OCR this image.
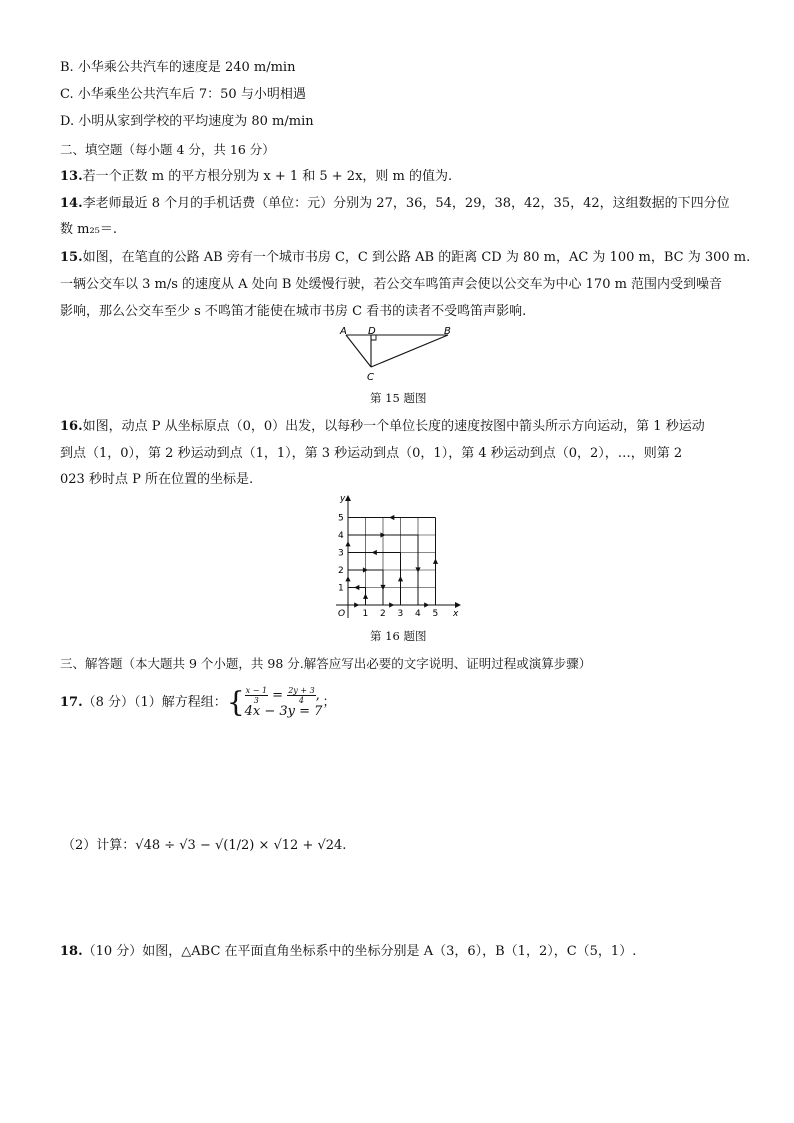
B. 小华乘公共汽车的速度是 240 m/min
C. 小华乘坐公共汽车后 7：50 与小明相遇
D. 小明从家到学校的平均速度为 80 m/min
二、填空题（每小题 4 分，共 16 分）
13.若一个正数 m 的平方根分别为 x + 1 和 5 + 2x，则 m 的值为.
14.李老师最近 8 个月的手机话费（单位：元）分别为 27，36，54，29，38，42，35，42，这组数据的下四分位
数 m₂₅＝.
15.如图，在笔直的公路 AB 旁有一个城市书房 C，C 到公路 AB 的距离 CD 为 80 m，AC 为 100 m，BC 为 300 m.
一辆公交车以 3 m/s 的速度从 A 处向 B 处缓慢行驶，若公交车鸣笛声会使以公交车为中心 170 m 范围内受到噪音
影响，那么公交车至少 s 不鸣笛才能使在城市书房 C 看书的读者不受鸣笛声影响.
A D	B
C
第 15 题图
16.如图，动点 P 从坐标原点（0，0）出发，以每秒一个单位长度的速度按图中箭头所示方向运动，第 1 秒运动
到点（1，0），第 2 秒运动到点（1，1），第 3 秒运动到点（0，1），第 4 秒运动到点（0，2），…，则第 2
023 秒时点 P 所在位置的坐标是.
x
y
O 1 2 3 4 5
1
2
3
4
5
第 16 题图
三、解答题（本大题共 9 个小题，共 98 分.解答应写出必要的文字说明、证明过程或演算步骤）
17.（8 分）（1）解方程组：{ $\frac{x - 1}{3} = \frac{2y + 3}{4}$ ,
4x − 3y = 7
；
（2）计算：√48 ÷ √3 − √(1/2) × √12 + √24.
18.（10 分）如图，△ABC 在平面直角坐标系中的坐标分别是 A（3，6），B（1，2），C（5，1）.
